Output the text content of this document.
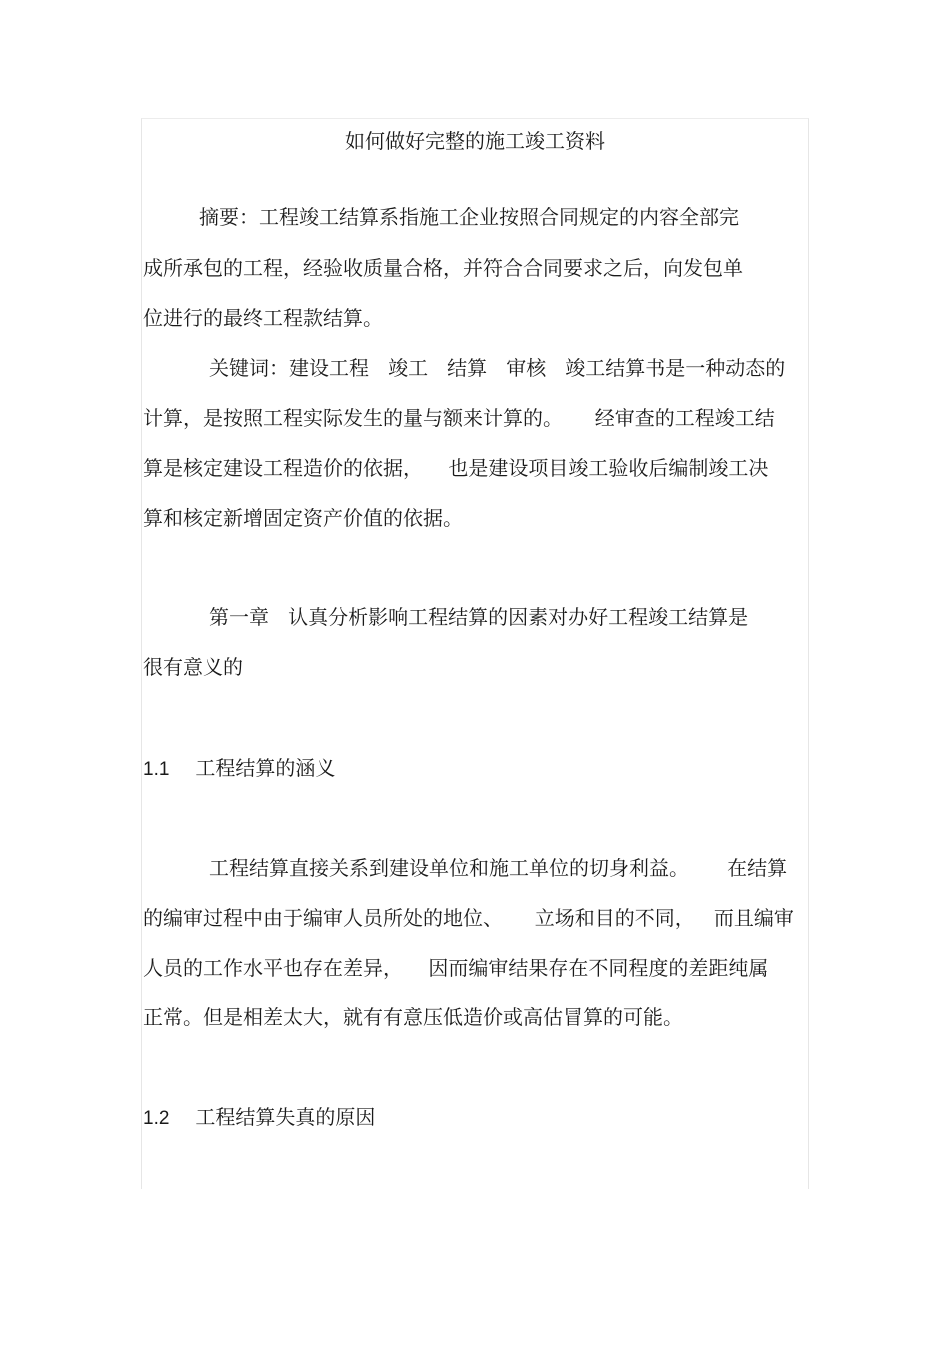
如何做好完整的施工竣工资料
摘要：工程竣工结算系指施工企业按照合同规定的内容全部完
成所承包的工程，经验收质量合格，并符合合同要求之后，向发包单
位进行的最终工程款结算。
关键词：建设工程   竣工   结算   审核   竣工结算书是一种动态的
计算，是按照工程实际发生的量与额来计算的。     经审查的工程竣工结
算是核定建设工程造价的依据，    也是建设项目竣工验收后编制竣工决
算和核定新增固定资产价值的依据。
第一章   认真分析影响工程结算的因素对办好工程竣工结算是
很有意义的
1.1 工程结算的涵义
工程结算直接关系到建设单位和施工单位的切身利益。      在结算
的编审过程中由于编审人员所处的地位、     立场和目的不同，   而且编审
人员的工作水平也存在差异，    因而编审结果存在不同程度的差距纯属
正常。但是相差太大，就有有意压低造价或高估冒算的可能。
1.2 工程结算失真的原因
